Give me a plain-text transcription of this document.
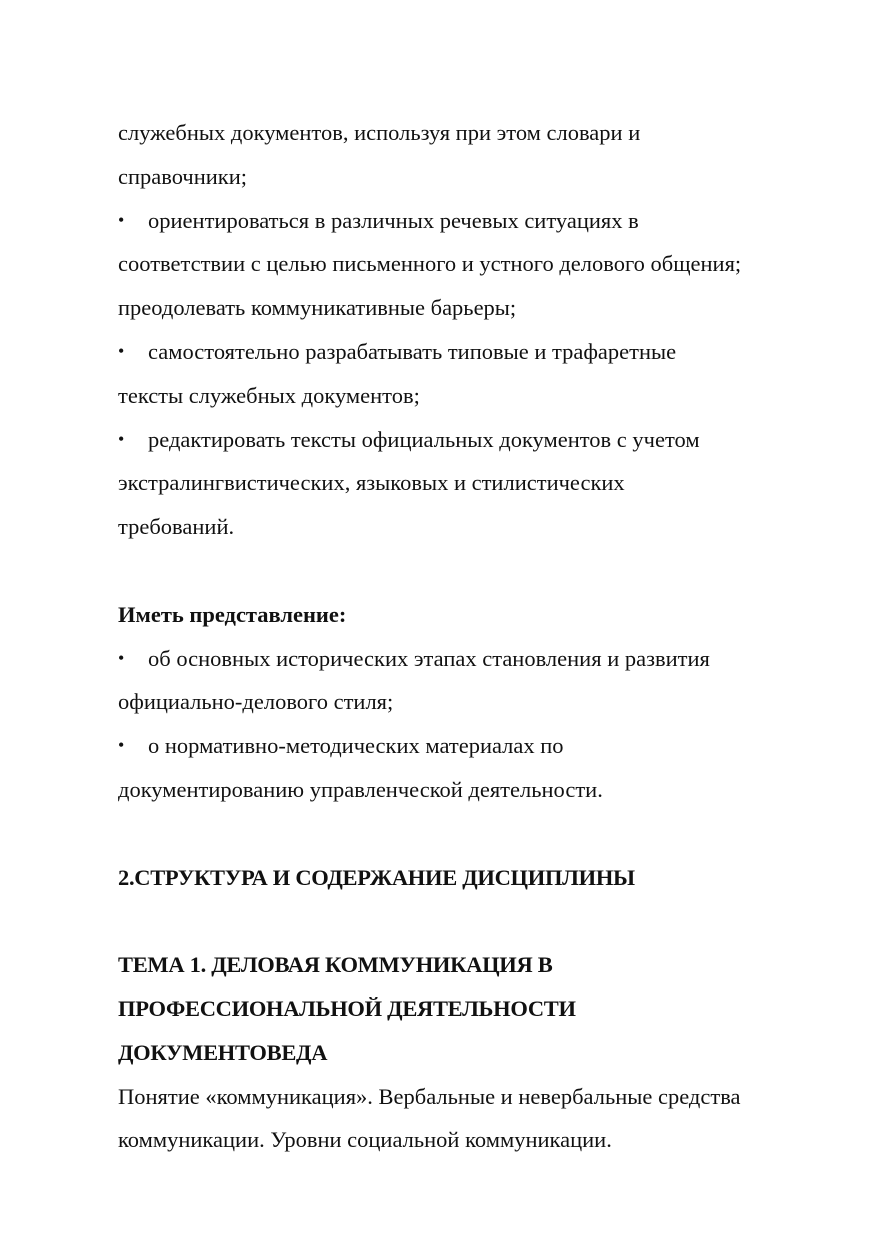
служебных документов, используя при этом словари и
справочники;
• ориентироваться в различных речевых ситуациях в
соответствии с целью письменного и устного делового общения;
преодолевать коммуникативные барьеры;
• самостоятельно разрабатывать типовые и трафаретные
тексты служебных документов;
• редактировать тексты официальных документов с учетом
экстралингвистических, языковых и стилистических
требований.
Иметь представление:
• об основных исторических этапах становления и развития
официально-делового стиля;
• о нормативно-методических материалах по
документированию управленческой деятельности.
2.СТРУКТУРА И СОДЕРЖАНИЕ ДИСЦИПЛИНЫ
ТЕМА 1. ДЕЛОВАЯ КОММУНИКАЦИЯ В
ПРОФЕССИОНАЛЬНОЙ ДЕЯТЕЛЬНОСТИ
ДОКУМЕНТОВЕДА
Понятие «коммуникация». Вербальные и невербальные средства
коммуникации. Уровни социальной коммуникации.
